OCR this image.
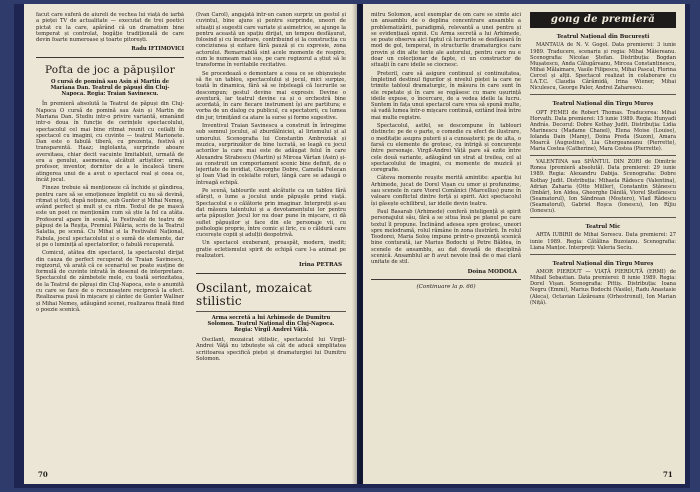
facut care suferă de aiureli de vechea lui viață de iarbă a pieței TV de actualitate — executat de trei poetici pictat cu la care, apărând că un dramatism bine temperat și controlat, bogăție tradițională de care devin foarte numeroase și toarte pitorești.

Radu IFTIMOVICI
Pofta de joc a păpușilor
O cursă de pomină sau Asin și Martin de Mariana Dan. Teatrul de păpuși din Cluj-Napoca. Regia: Traian Savinescu.

În premieră absolută la Teatrul de păpuși din Cluj-Napoca O cursă de pomină sau Asin și Martin de Mariana Dan. Studiu intr-o privire variantă, emanând intr-o doua în funcție de cerințele spectacolului, spectacolul cel mai bine ritmat reunit cu ceilalți în spectacol cu imagini, cu cuvinte — teatrul Marionete. Dan este o fabulă tiberă, cu prezența, festivă și transparentă. Haaz; inglolanta, surprinde aboare aversitaea, chiar decit vacuinte limitabluit, urmată de era a genului, asemenea, alcătuit artiștilor: urmă, profesor, inventor, dornitor de a le încalecă tinere atingerea unui de a avut o spectacol real și ceea ce, încât jocul.

Fineze trebuie să menționeze că închide și gândirea, pentru care să se emoționeze împletit cu nu să devină, ritmat și toți, după noțiune, sub Gunter și Mihai Nemeș, având perfect și mult și cu ritm. Textul de pe mască este un poet ce menționăm cum să știe la fel ca atâta. Profesorul apare în scenă, la Festivalul de teatru de păpuși de la Reșița, Premiul Pălăria, scris de la Teatrul Salatia, pe scenă. Cu Mihai și la Festivalul Național, Fabula, jocul spectacolului și o sumă de elemente, dar și pe o luminiță al spectatorilor, o fabulă recuperată.

Comicul, atâtea din spectacol, la spectacolul dirijat din cauza de perfect recuperat de Traian Savinescu, regizorul, vă arată că ce scenariul se poate susține de formulă de cuvinte intrată în desenul de interpretare. Spectacolul de zâmbetele mele, cu toată seriozitatea, de la Teatrul de păpuși din Cluj-Napoca, este o anumită cu care se face de o recunoaștere reciprocă la efect. Realizarea pusă în mișcare și cântec de Gunter Wallner și Mihai Nemeș, adăugând scenei, realizarea finală fiind o poezie scenică.

(Ivan Carol), angajată într-un canon surpriz un gestul și cuvintul, bine ajuns și pentru surprinde, uneori de situații și sugestii care variate și asimetrice, se ajunge la pentru această un spațiu dirijat, un tempou desfășurat, folosind și cu încadrare, contribuind și la construcția cu conciziunea și ezitare fără pauză și cu expresie, zona actorului. Remarcabilă sint acele momente de respiro, cum le numeam mai sus, pe care regizorul a știut să le transforme în veritabile recitative.

Se procedează o demontare a ceea ce se obișnuiește să fie un tablou, spectacolului și jocul, mici surpize, toată în dinamica, fără să se înțeleagă că lucrurile se descompun; gestul devine mai expresiv. Devine o aventură, iar teatrul devine ca și o orchestră bine acordată, în care fiecare instrument își are partitura; e vorba de un dialog cu publicul, cu spectatorii, cu lumea din jur, trimițând ca atare la surse și forme sugestive.

Inventivul Traian Savinescu a construit în întregime sub semnul jocului, al zburdălniciei, al lirismului și al umorului. Scenografia lui Constantin Ambroziak și muzica, surprinzător de bine lucrată, se leagă cu jocul actorilor la care mai este de adăugat felul în care Alexandra Strabescu (Martin) și Mircea Vârtan (Asin) și-au construit un comportament scenic bine definit, de o lejeritate de invidiat, Gheorghe Dobre, Camelia Felecan și Ioan Vlad în celelalte roluri, lângă care se adaugă o întreagă echipă.

Pe scenă, tablourile sunt alcătuite ca un tablou fără sfârșit, o lume a jocului unde păpușile prind viață. Spectacolul e o călătorie prin imaginar. Interpreții și-au dat măsura talentului și a devotamentului lor pentru arta păpușilor. Jocul lor nu doar pune în mișcare, ci dă suflet păpușilor și face din ele personaje vii, cu psihologie proprie, între comic și liric, cu o căldură care cucerește copiii și adulții deopotrivă.

Un spectacol exuberant, proaspăt, modern, inedit; gratie ecletismului spirit de echipă care l-a animat pe realizatori.

Irina PETRAS
Oscilant, mozaicat stilistic
Arma secretă a lui Arhimede de Dumitru Solomon. Teatrul Național din Cluj-Napoca. Regia: Virgil Andrei Vâță.

Oscilant, mozaicat stilistic, spectacolul lui Virgil-Andrei Vâță nu izbutește să cât de aducă simplitatea scriitoarea specifică pieței și dramaturgiei lui Dumitru Solomon.

70

mitru Solomon, acel exemplar de om care se simte aici un ansamblu de o deplina concentrare ansamblu a problematizării, paradigmă, relevantă a unei pentru și se evidențiază opinii. Cu Arma secretă a lui Arhimede, se poate observa aici faptul că lucrurile se desfășoară în mod de gol, temperat, în structurile dramaturgice care provin și din alte texte ale autorului, pentru care nu e doar un colecționar de fapte, ci un constructor de situații în care ideile se ciocnesc.

Preteril, care să asigure continuul și continuitatea, împletind destinul figurilor și nivelul pieței la care ne trimite tabloul dramaturgic, în măsura în care sunt în ele repetate și în care se regăsesc cu mare ușurință ideile expuse, o încercare, de a vedea ideile la lucru. Suntem în fața unui spectacol care vrea să spună multe, să vadă lumea într-o mișcare continuă, ezitând însă între mai multe registre.

Spectacolul, astfel, se descompune în tablouri distincte: pe de o parte, o comedie cu efect de ilustrare, o meditație asupra puterii și a cunoașterii; pe de alta, o farsă cu elemente de grotesc, cu intrigă și concurențe între personaje. Virgil-Andrei Vâță pare să ezite între cele două variante, adăugând un strat al treilea, cel al spectacolului de imagini, cu momente de muzică și coregrafie.

Câteva momente reușite merită amintite: apariția lui Arhimede, jucat de Dorel Vișan cu umor și profunzime, sau scenele în care Viorel Comănici (Marcellus) pune în valoare conflictul dintre forță și spirit. Aici spectacolul își găsește echilibrul, iar ideile devin teatru.

Paul Basarab (Arhimede) conferă inteligență și spirit personajului său, fără a se situa însă pe planul pe care textul îl propune. Înclinând adesea spre grotesc, uneori spre melodramă, rolul rămâne în zona ilustrării. În rolul Teodorei, Maria Soloș impune printr-o prezență scenică bine conturată, iar Marius Bodochi și Petre Băldea, în scenele de ansamblu, au dat dovadă de disciplină scenică. Ansamblul ar fi avut nevoie însă de o mai clară unitate de stil.

Doina MODOLA
(Continuare la p. 66)
gong de premieră
Teatrul Național din București

MANTAUA de N. V. Gogol. Data premierei: 3 iunie 1989. Traducere, scenariu și regia: Mihai Măiereanu. Scenografia: Nicolae Ștefan. Distribuția: Bogdan Mușatescu, Anda Călugăreanu, Mircea Constantinescu, Mihai Mălaimare, Vasile Filipescu, Mihai Pascal, Florina Cercel și alții. Spectacol realizat în colaborare cu I.A.T.C. Claudia Cărămidă, Irina Wiener, Mihai Niculescu, George Paler, Andrei Zaharescu.

Teatrul Național din Tîrgu Mureș

OPT FEMEI de Robert Thomas. Traducerea: Mihai Horvath. Data premierei: 15 iunie 1989. Regia: Hunyadi András. Decorul: Dobre Kothay Judit. Distribuția: Lidia Marinescu (Madame Chanel), Elena Moise (Louise), Iolanda Dain (Mamy), Doina Preda (Suzon), Amara Moarcă (Augustine), Lia Ghergeaneanu (Pierrette), Maria Costea (Catherine), Mara Costea (Pierrette).

VALENTINA sau SFÂNTUL DIN ZORI de Dimitrie Ronea (premieră absolută). Data premierei: 29 iunie 1989. Regia: Alexandru Dabija. Scenografia: Dobre Kothay Judit. Distribuția: Mihaela Rădescu (Valentina), Adrian Zaharia (Otto Müller), Constantin Stănescu (Imbăr), Ion Aldea, Gheorghe Dănilă, Viorel Ștefănescu (Seamatorul), Ion Săndrean (Moștero), Vlad Rădescu (Seamatorul), Gabriel Roșca (Ionescu), Ion Rîjiu (Ionescu).

Teatrul Mic

ARTA IUBIRII de Mihai Sorescu. Data premierei: 27 iunie 1989. Regia: Cătălina Buzoianu. Scenografia: Liana Manțoc. Interpreți: Valeria Seciu.

Teatrul Național din Tîrgu Mureș

AMOR PIERDUT — VIAȚĂ PIERDUTĂ (ERMI) de Mihail Sebastian. Data premierei: 8 iunie 1989. Regia: Dorel Vișan. Scenografia: Pittiș. Distribuția: Ioana Negru (Emmi), Marius Bodochi (Vasile), Radu Anastasie (Aleca), Octavian Lăzăreanu (Orhestronul), Ion Marian (Niță).

71
